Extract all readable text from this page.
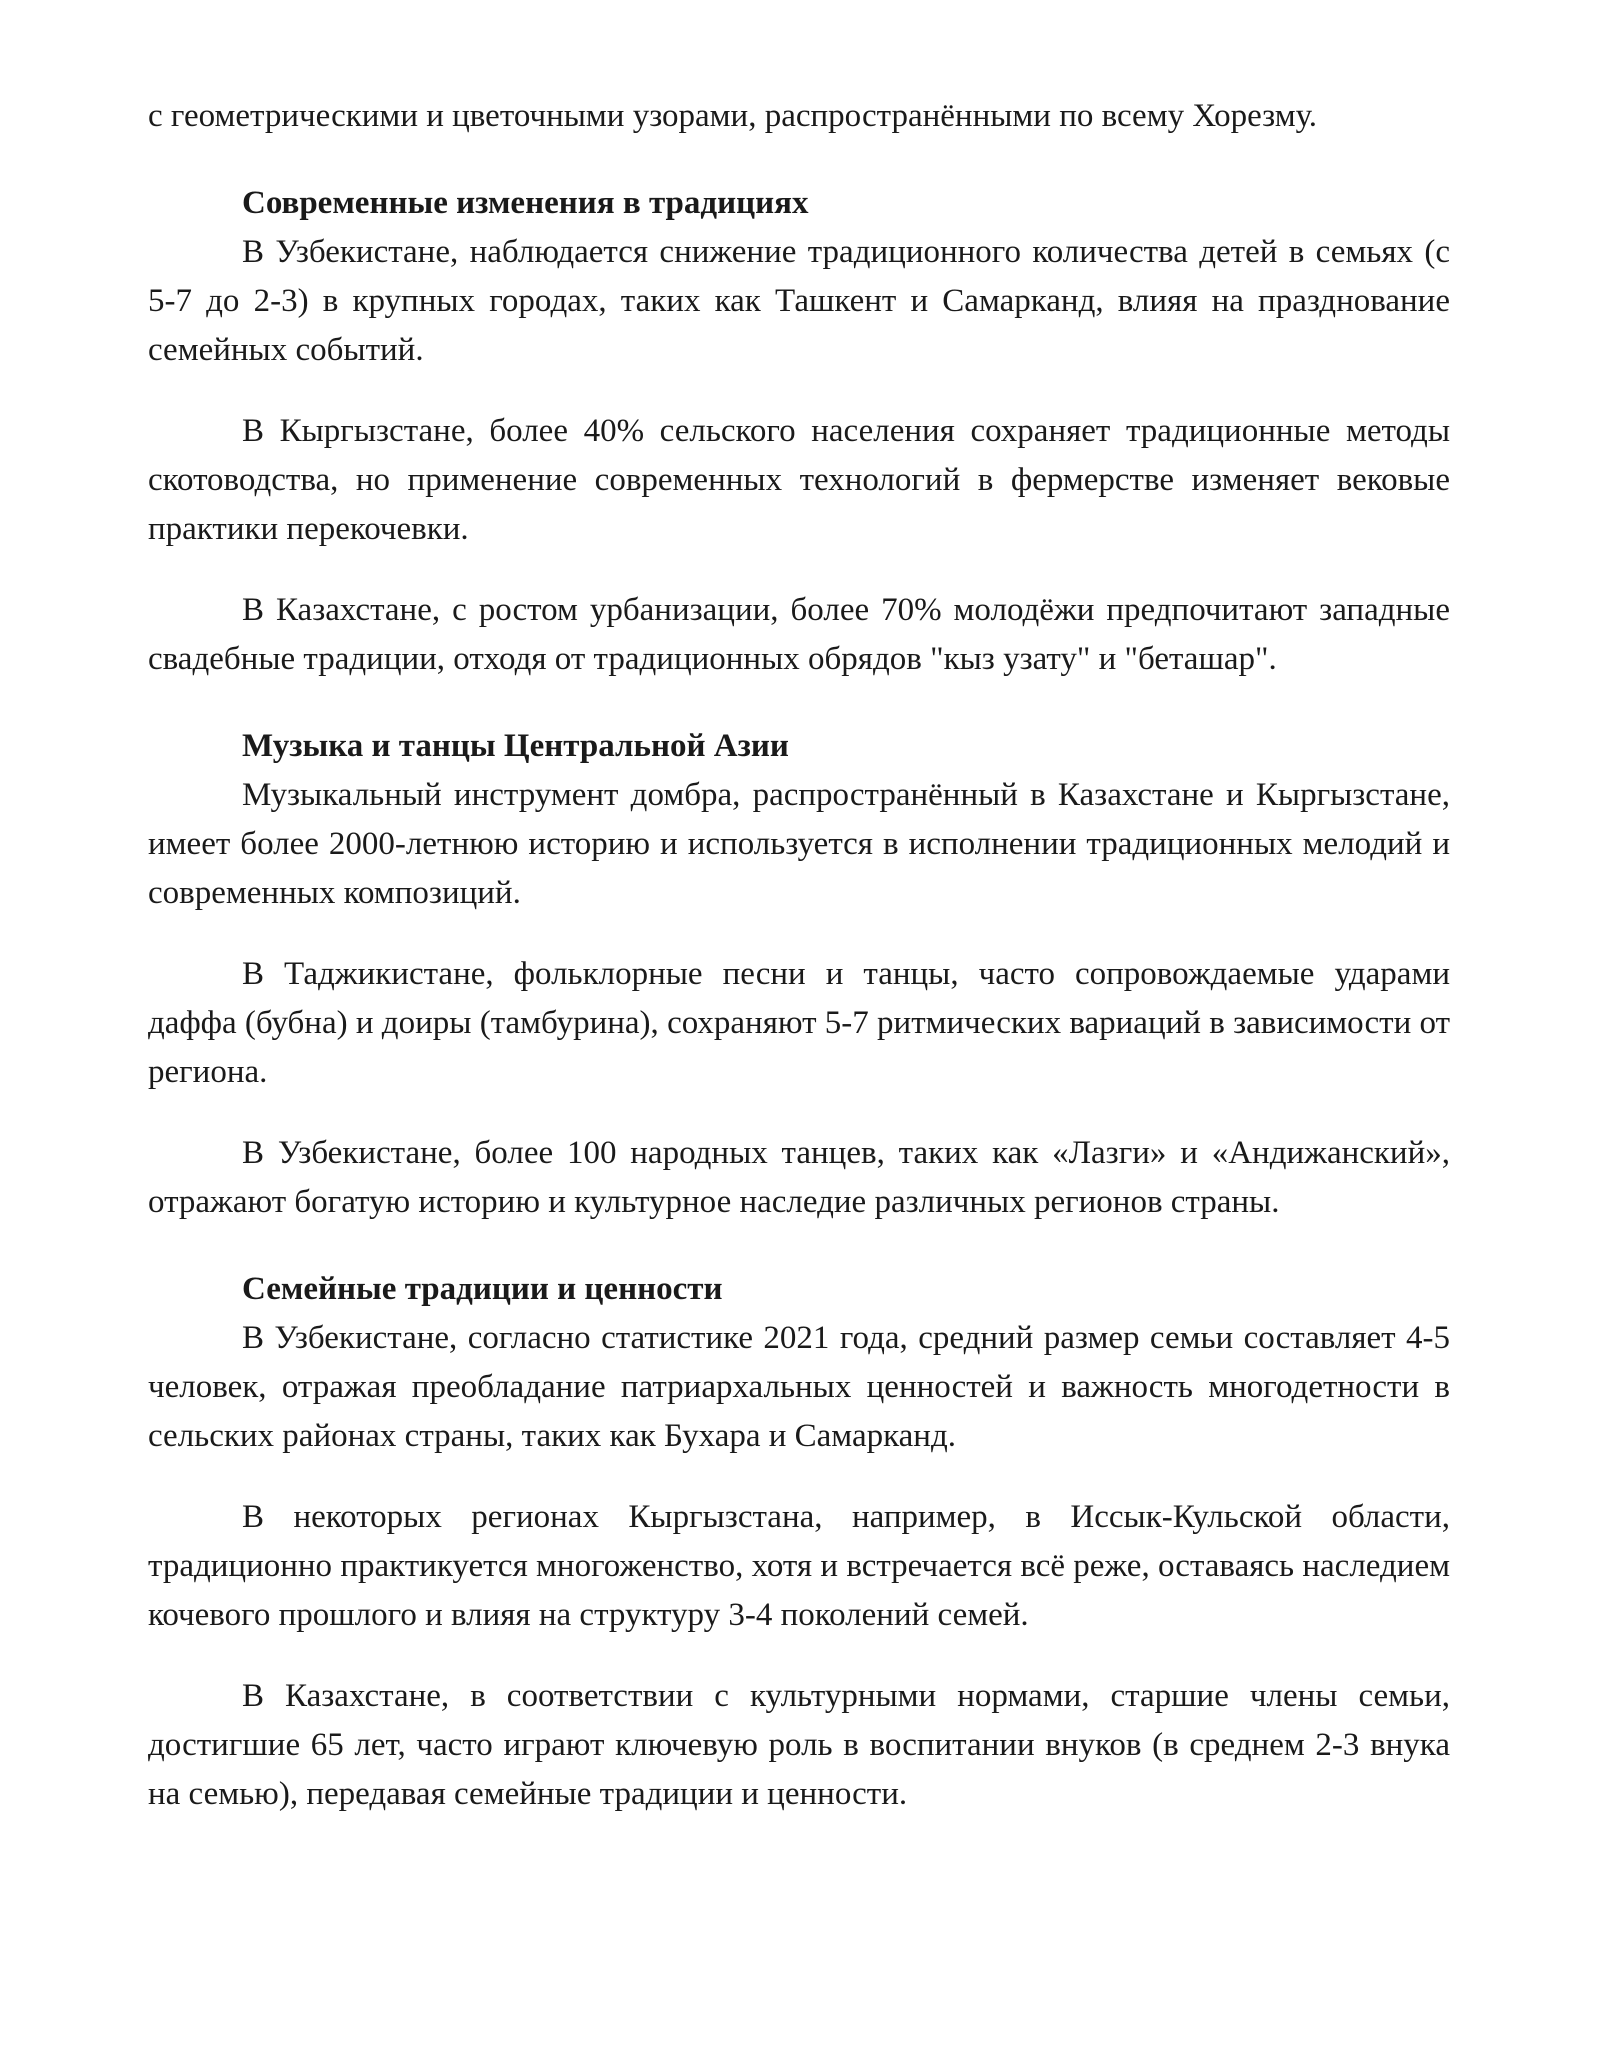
с геометрическими и цветочными узорами, распространёнными по всему Хорезму.

Современные изменения в традициях

В Узбекистане, наблюдается снижение традиционного количества детей в семьях (с 5-7 до 2-3) в крупных городах, таких как Ташкент и Самарканд, влияя на празднование семейных событий.

В Кыргызстане, более 40% сельского населения сохраняет традиционные методы скотоводства, но применение современных технологий в фермерстве изменяет вековые практики перекочевки.

В Казахстане, с ростом урбанизации, более 70% молодёжи предпочитают западные свадебные традиции, отходя от традиционных обрядов "кыз узату" и "беташар".

Музыка и танцы Центральной Азии

Музыкальный инструмент домбра, распространённый в Казахстане и Кыргызстане, имеет более 2000-летнюю историю и используется в исполнении традиционных мелодий и современных композиций.

В Таджикистане, фольклорные песни и танцы, часто сопровождаемые ударами даффа (бубна) и доиры (тамбурина), сохраняют 5-7 ритмических вариаций в зависимости от региона.

В Узбекистане, более 100 народных танцев, таких как «Лазги» и «Андижанский», отражают богатую историю и культурное наследие различных регионов страны.

Семейные традиции и ценности

В Узбекистане, согласно статистике 2021 года, средний размер семьи составляет 4-5 человек, отражая преобладание патриархальных ценностей и важность многодетности в сельских районах страны, таких как Бухара и Самарканд.

В некоторых регионах Кыргызстана, например, в Иссык-Кульской области, традиционно практикуется многоженство, хотя и встречается всё реже, оставаясь наследием кочевого прошлого и влияя на структуру 3-4 поколений семей.

В Казахстане, в соответствии с культурными нормами, старшие члены семьи, достигшие 65 лет, часто играют ключевую роль в воспитании внуков (в среднем 2-3 внука на семью), передавая семейные традиции и ценности.
